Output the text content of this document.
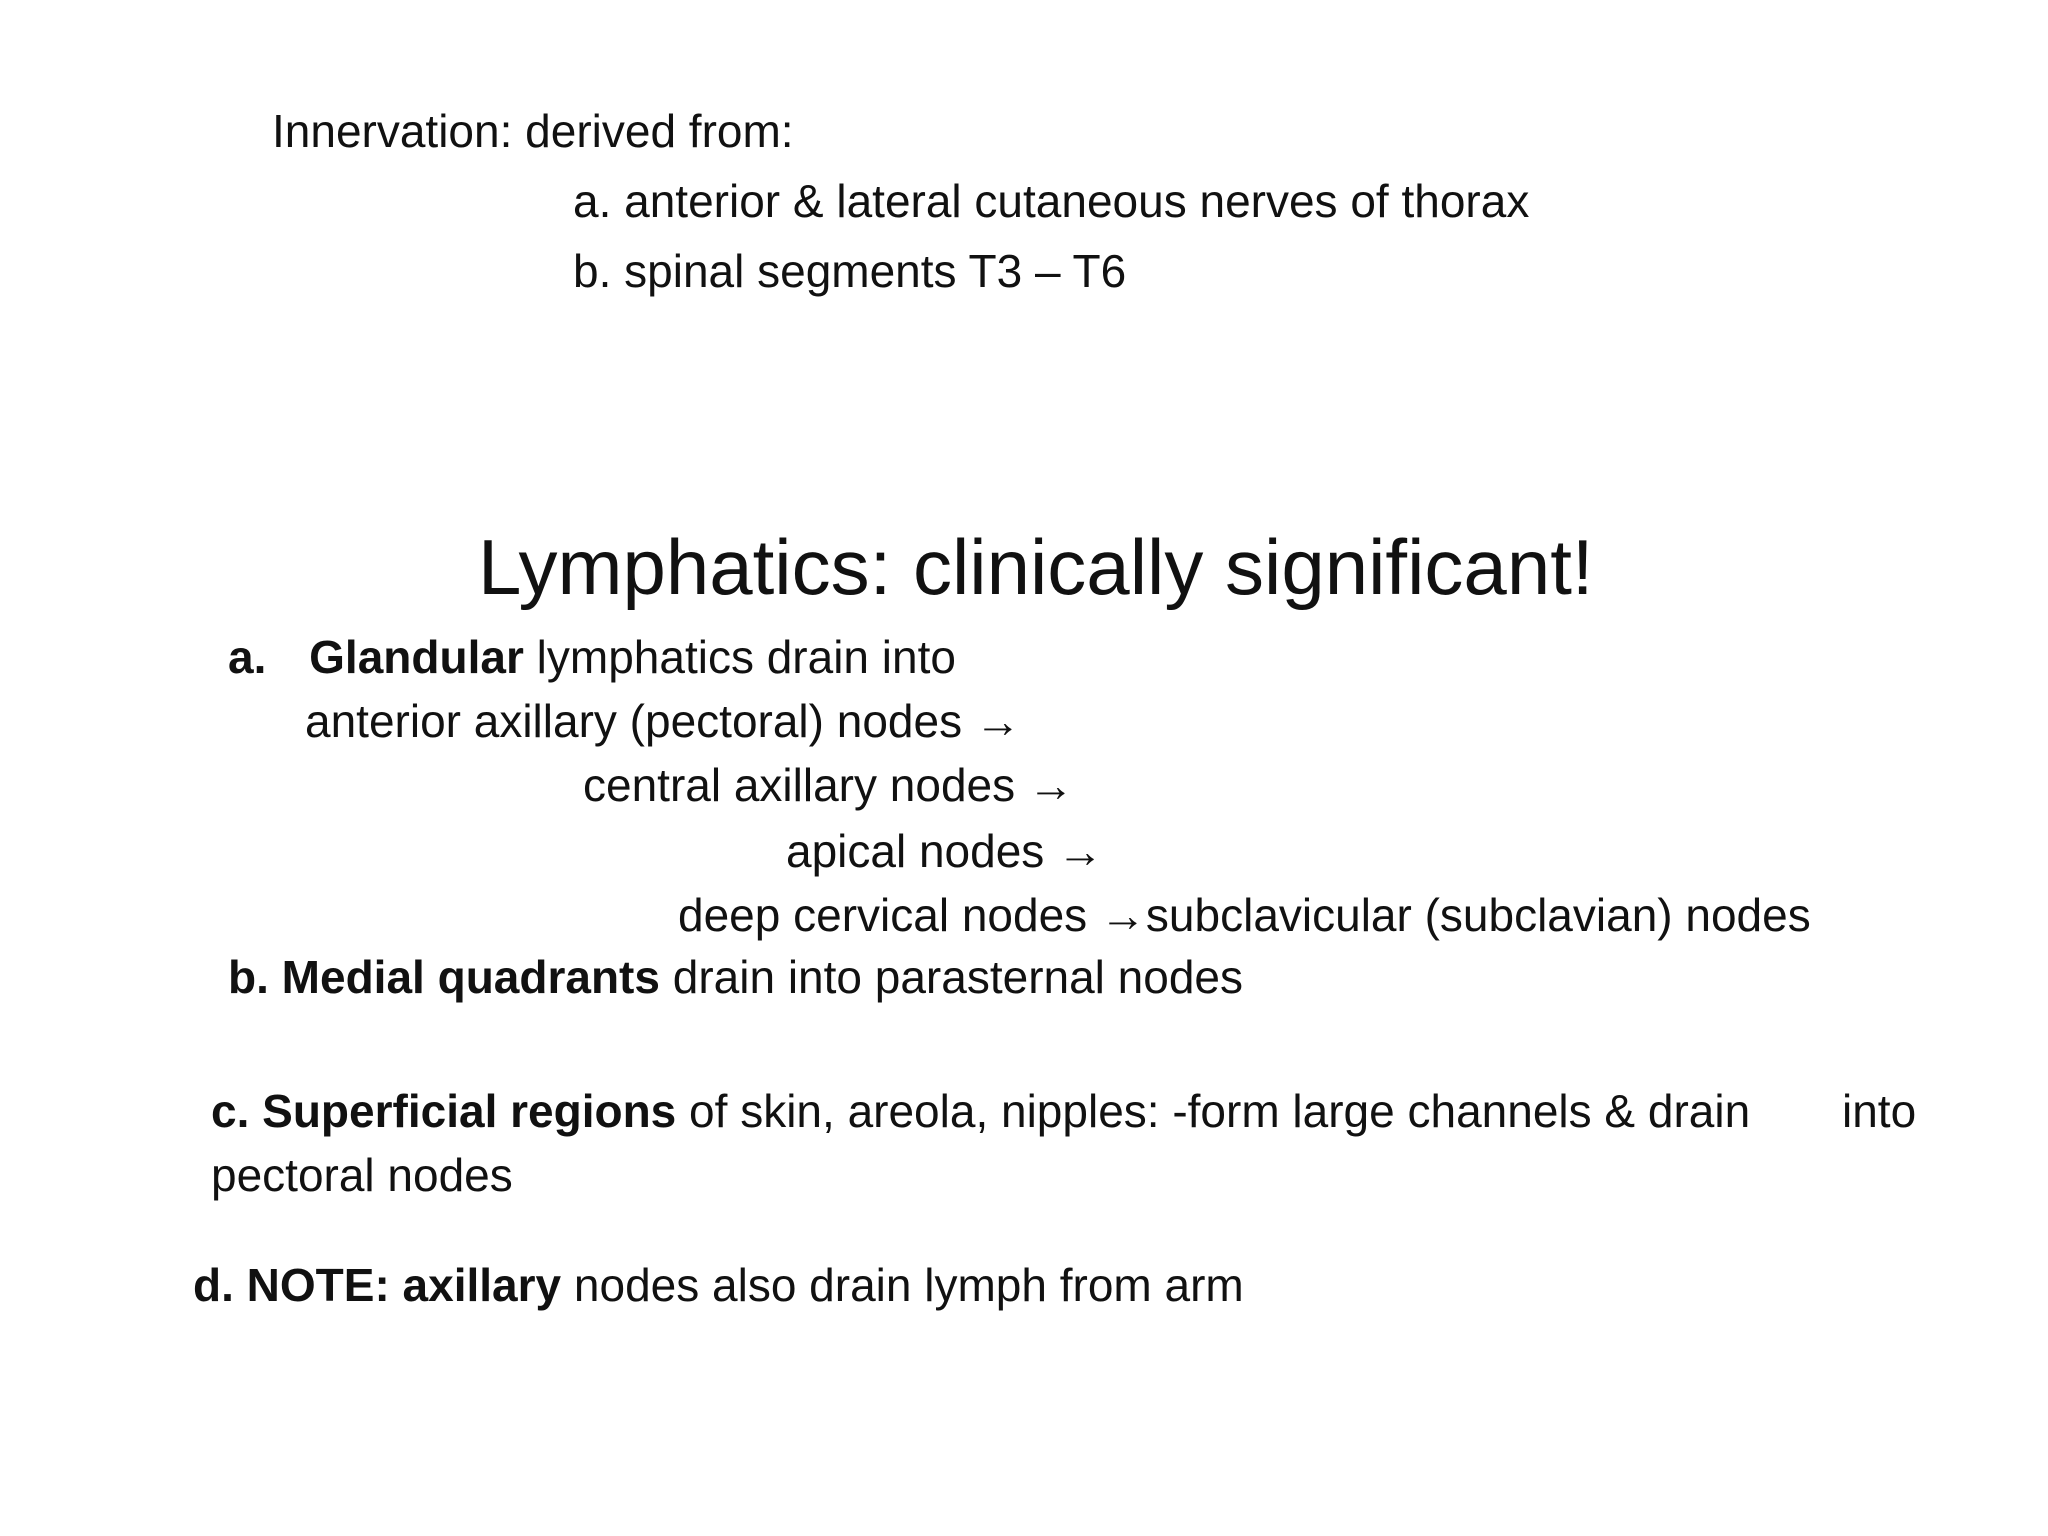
Innervation: derived from:
a. anterior & lateral cutaneous nerves of thorax
b. spinal segments T3 – T6
Lymphatics: clinically significant!
a. Glandular lymphatics drain into
anterior axillary (pectoral) nodes →
central axillary nodes →
apical nodes →
deep cervical nodes →subclavicular (subclavian) nodes
b. Medial quadrants drain into parasternal nodes
c. Superficial regions of skin, areola, nipples: -form large channels & drain into
pectoral nodes
d. NOTE: axillary nodes also drain lymph from arm
